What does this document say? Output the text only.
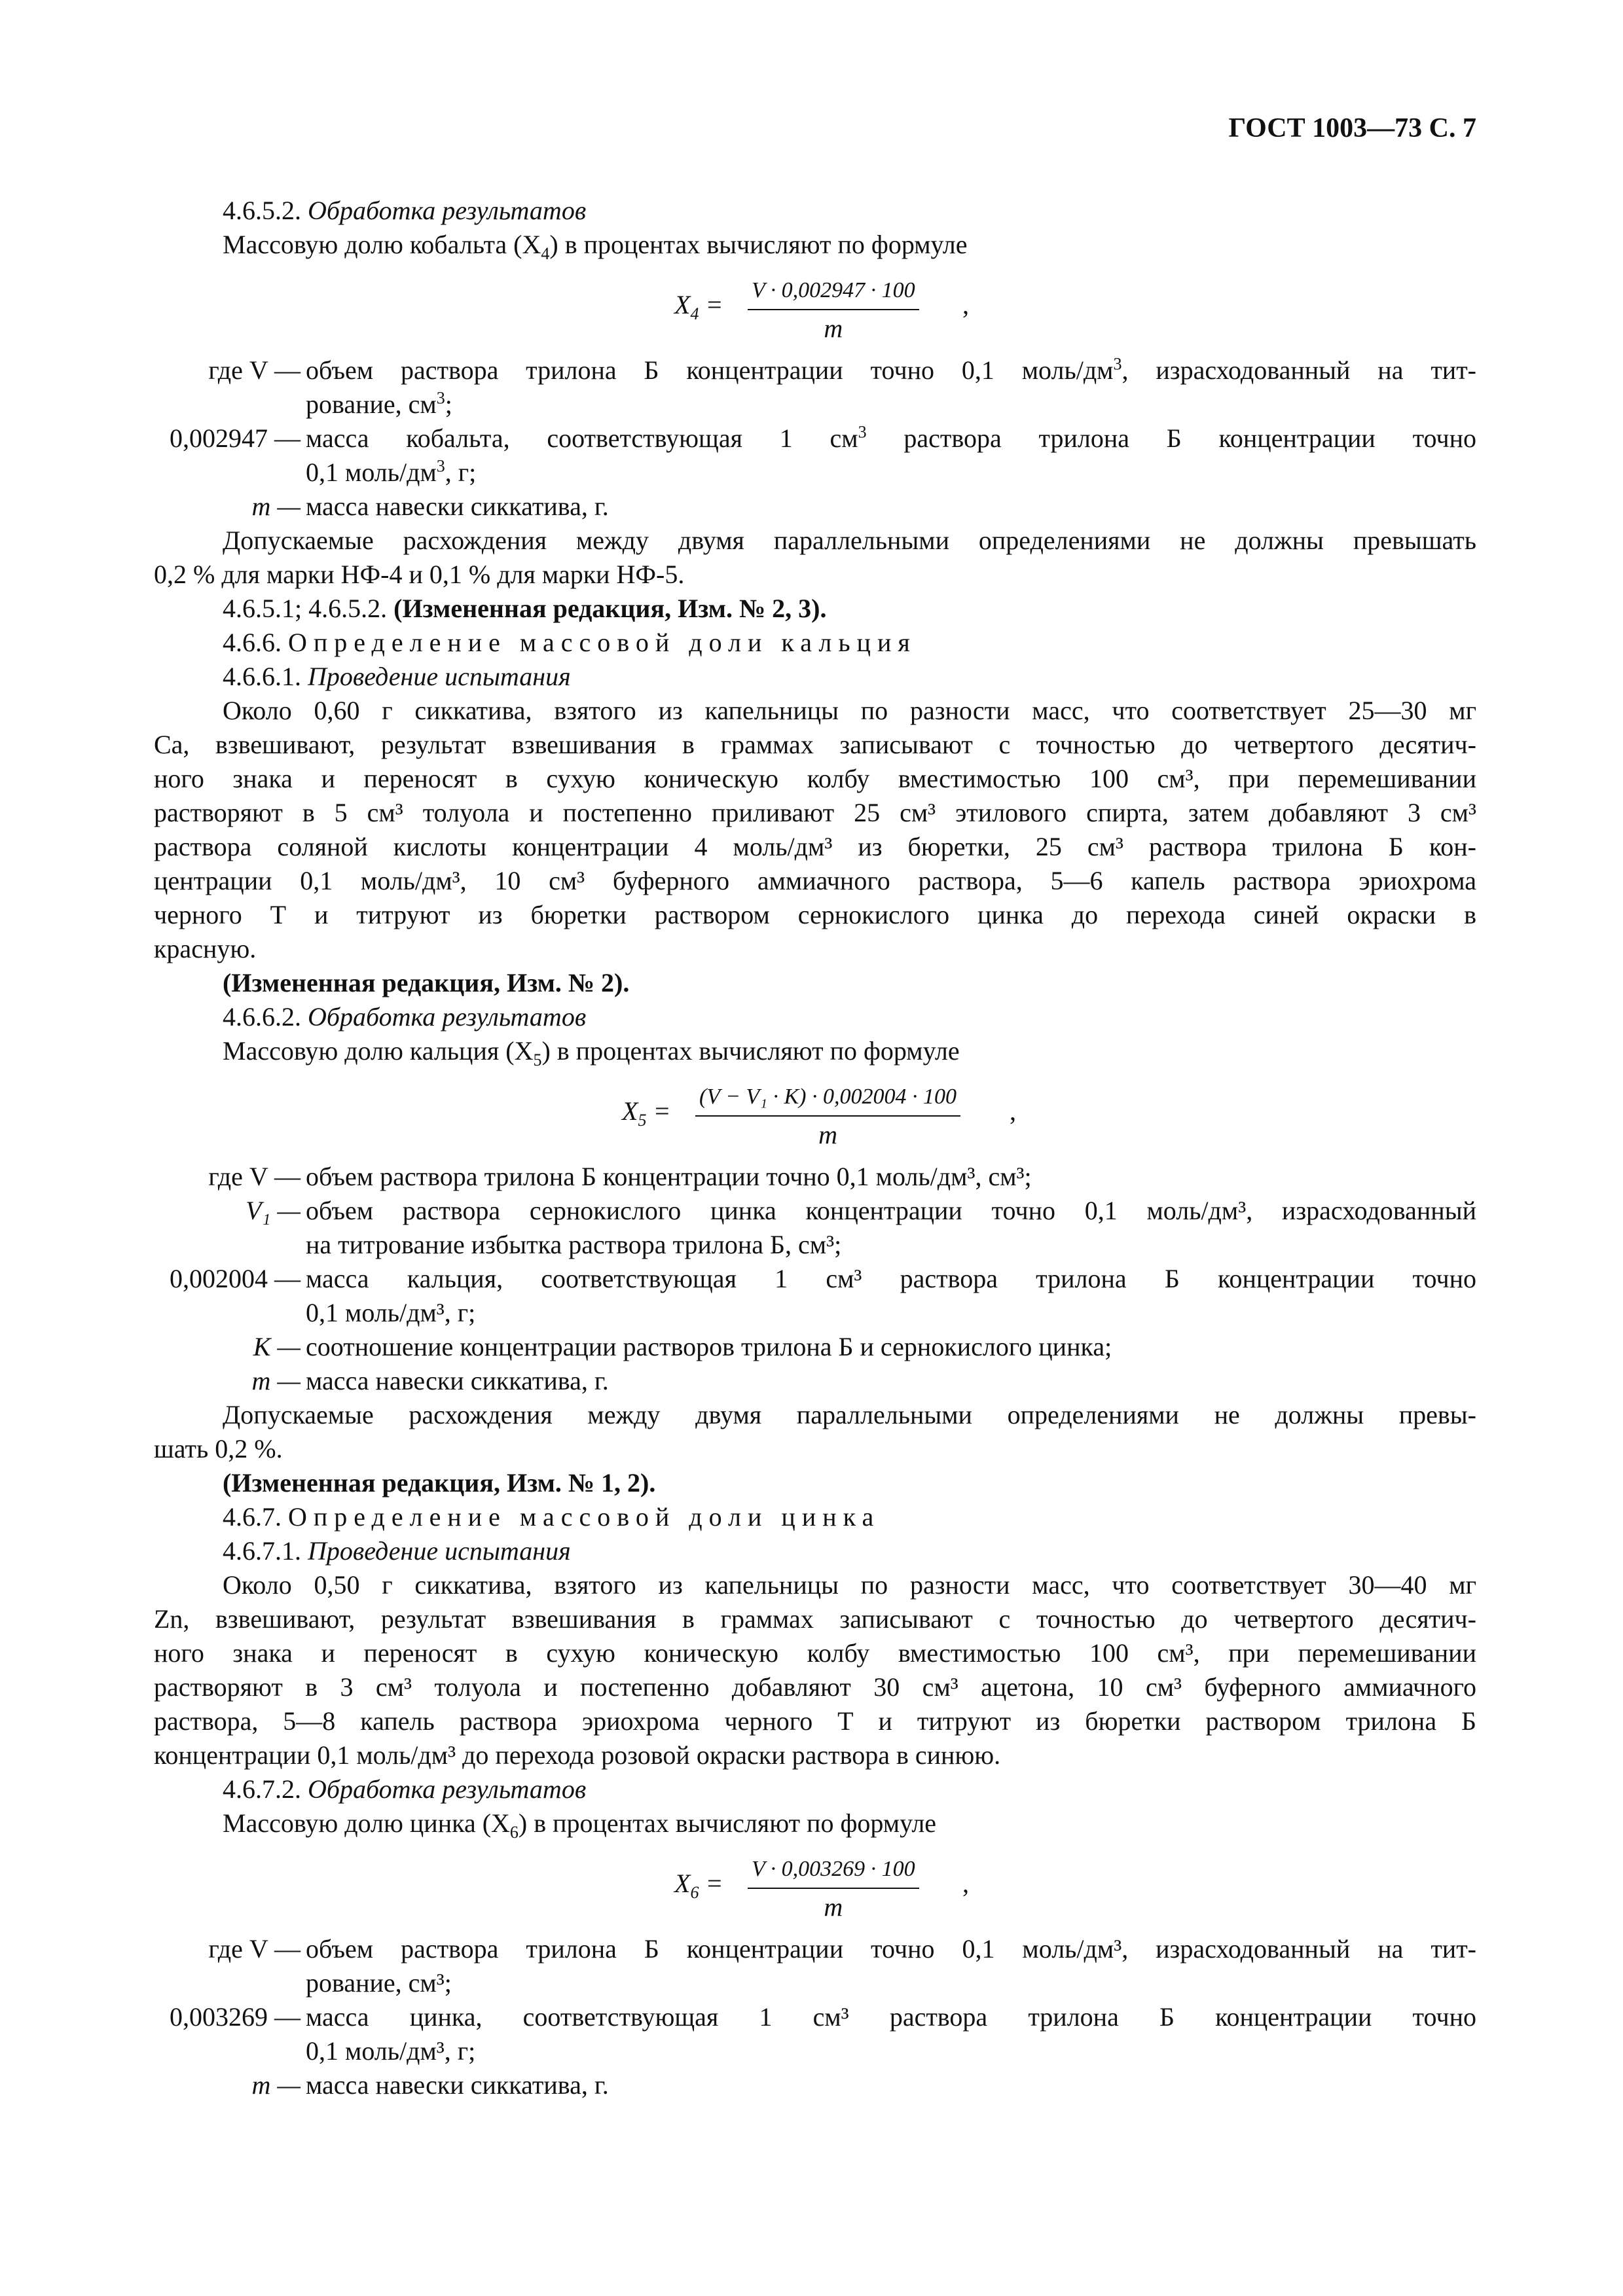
ГОСТ 1003—73 С. 7
4.6.5.2. Обработка результатов
Массовую долю кобальта $(X_4)$ в процентах вычисляют по формуле
$X_4 = V \cdot 0,002947 \cdot 100$
m
,
где V — объем раствора трилона Б концентрации точно 0,1 моль/$дм^3$, израсходованный на тит-
рование, $см^3$;
0,002947 — масса кобальта, соответствующая 1 $см^3$ раствора трилона Б концентрации точно
0,1 моль/$дм^3$, г;
m — масса навески сиккатива, г.
Допускаемые расхождения между двумя параллельными определениями не должны превышать
0,2 % для марки НФ-4 и 0,1 % для марки НФ-5.
4.6.5.1; 4.6.5.2. (Измененная редакция, Изм. № 2, 3).
4.6.6. Определение массовой доли кальция
4.6.6.1. Проведение испытания
Около 0,60 г сиккатива, взятого из капельницы по разности масс, что соответствует 25—30 мг
Са, взвешивают, результат взвешивания в граммах записывают с точностью до четвертого десятич-
ного знака и переносят в сухую коническую колбу вместимостью 100 см³, при перемешивании
растворяют в 5 см³ толуола и постепенно приливают 25 см³ этилового спирта, затем добавляют 3 см³
раствора соляной кислоты концентрации 4 моль/дм³ из бюретки, 25 см³ раствора трилона Б кон-
центрации 0,1 моль/дм³, 10 см³ буферного аммиачного раствора, 5—6 капель раствора эриохрома
черного Т и титруют из бюретки раствором сернокислого цинка до перехода синей окраски в
красную.
(Измененная редакция, Изм. № 2).
4.6.6.2. Обработка результатов
Массовую долю кальция $(X_5)$ в процентах вычисляют по формуле
$X_5 = (V - V_1 \cdot K) \cdot 0,002004 \cdot 100$
m
,
где V — объем раствора трилона Б концентрации точно 0,1 моль/дм³, см³;
V₁ — объем раствора сернокислого цинка концентрации точно 0,1 моль/дм³, израсходованный
на титрование избытка раствора трилона Б, см³;
0,002004 — масса кальция, соответствующая 1 см³ раствора трилона Б концентрации точно
0,1 моль/дм³, г;
K — соотношение концентрации растворов трилона Б и сернокислого цинка;
m — масса навески сиккатива, г.
Допускаемые расхождения между двумя параллельными определениями не должны превы-
шать 0,2 %.
(Измененная редакция, Изм. № 1, 2).
4.6.7. Определение массовой доли цинка
4.6.7.1. Проведение испытания
Около 0,50 г сиккатива, взятого из капельницы по разности масс, что соответствует 30—40 мг
Zn, взвешивают, результат взвешивания в граммах записывают с точностью до четвертого десятич-
ного знака и переносят в сухую коническую колбу вместимостью 100 см³, при перемешивании
растворяют в 3 см³ толуола и постепенно добавляют 30 см³ ацетона, 10 см³ буферного аммиачного
раствора, 5—8 капель раствора эриохрома черного Т и титруют из бюретки раствором трилона Б
концентрации 0,1 моль/дм³ до перехода розовой окраски раствора в синюю.
4.6.7.2. Обработка результатов
Массовую долю цинка $(X_6)$ в процентах вычисляют по формуле
$X_6 = V \cdot 0,003269 \cdot 100$
m
,
где V — объем раствора трилона Б концентрации точно 0,1 моль/дм³, израсходованный на тит-
рование, см³;
0,003269 — масса цинка, соответствующая 1 см³ раствора трилона Б концентрации точно
0,1 моль/дм³, г;
m — масса навески сиккатива, г.
